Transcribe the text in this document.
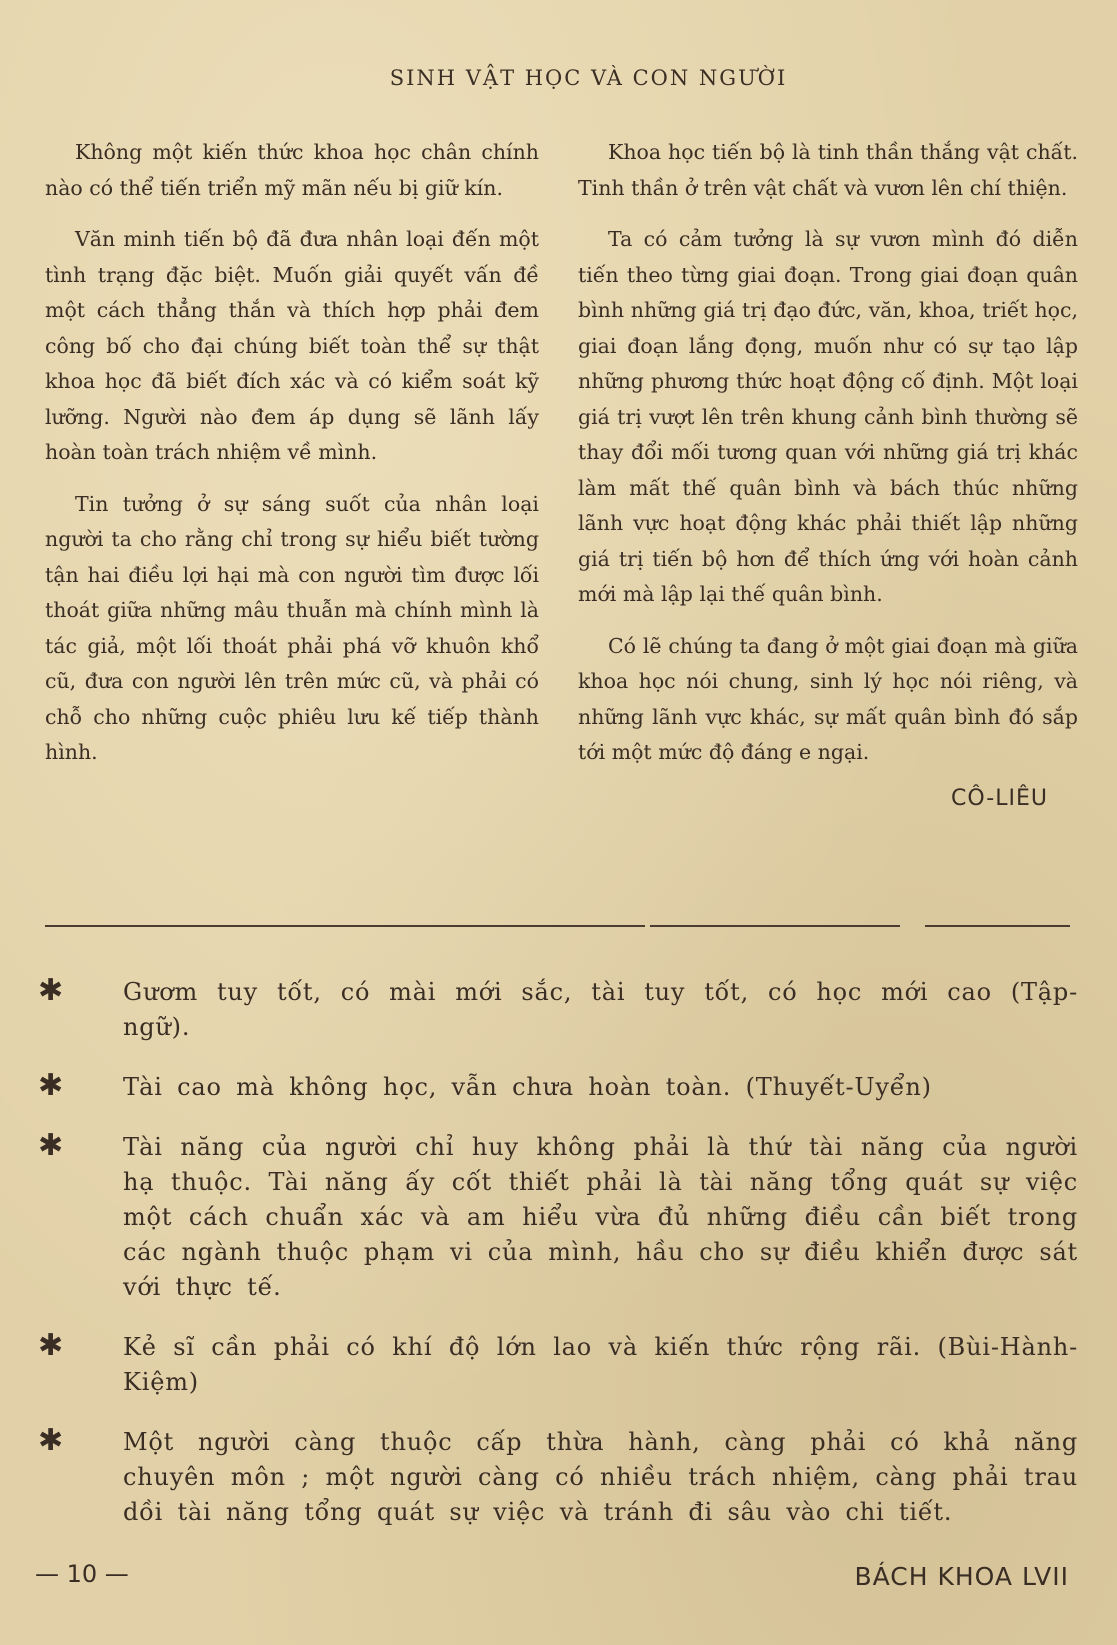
SINH VẬT HỌC VÀ CON NGƯỜI

Không một kiến thức khoa học chân chính nào có thể tiến triển mỹ mãn nếu bị giữ kín.

Văn minh tiến bộ đã đưa nhân loại đến một tình trạng đặc biệt. Muốn giải quyết vấn đề một cách thẳng thắn và thích hợp phải đem công bố cho đại chúng biết toàn thể sự thật khoa học đã biết đích xác và có kiểm soát kỹ lưỡng. Người nào đem áp dụng sẽ lãnh lấy hoàn toàn trách nhiệm về mình.

Tin tưởng ở sự sáng suốt của nhân loại người ta cho rằng chỉ trong sự hiểu biết tường tận hai điều lợi hại mà con người tìm được lối thoát giữa những mâu thuẫn mà chính mình là tác giả, một lối thoát phải phá vỡ khuôn khổ cũ, đưa con người lên trên mức cũ, và phải có chỗ cho những cuộc phiêu lưu kế tiếp thành hình.

Khoa học tiến bộ là tinh thần thắng vật chất. Tinh thần ở trên vật chất và vươn lên chí thiện.

Ta có cảm tưởng là sự vươn mình đó diễn tiến theo từng giai đoạn. Trong giai đoạn quân bình những giá trị đạo đức, văn, khoa, triết học, giai đoạn lắng đọng, muốn như có sự tạo lập những phương thức hoạt động cố định. Một loại giá trị vượt lên trên khung cảnh bình thường sẽ thay đổi mối tương quan với những giá trị khác làm mất thế quân bình và bách thúc những lãnh vực hoạt động khác phải thiết lập những giá trị tiến bộ hơn để thích ứng với hoàn cảnh mới mà lập lại thế quân bình.

Có lẽ chúng ta đang ở một giai đoạn mà giữa khoa học nói chung, sinh lý học nói riêng, và những lãnh vực khác, sự mất quân bình đó sắp tới một mức độ đáng e ngại.

CÔ-LIÊU
✱ Gươm tuy tốt, có mài mới sắc, tài tuy tốt, có học mới cao (Tập-ngữ).
✱ Tài cao mà không học, vẫn chưa hoàn toàn. (Thuyết-Uyển)
✱ Tài năng của người chỉ huy không phải là thứ tài năng của người hạ thuộc. Tài năng ấy cốt thiết phải là tài năng tổng quát sự việc một cách chuẩn xác và am hiểu vừa đủ những điều cần biết trong các ngành thuộc phạm vi của mình, hầu cho sự điều khiển được sát với thực tế.
✱ Kẻ sĩ cần phải có khí độ lớn lao và kiến thức rộng rãi. (Bùi-Hành-Kiệm)
✱ Một người càng thuộc cấp thừa hành, càng phải có khả năng chuyên môn ; một người càng có nhiều trách nhiệm, càng phải trau dồi tài năng tổng quát sự việc và tránh đi sâu vào chi tiết.
— 10 —	BÁCH KHOA LVII
